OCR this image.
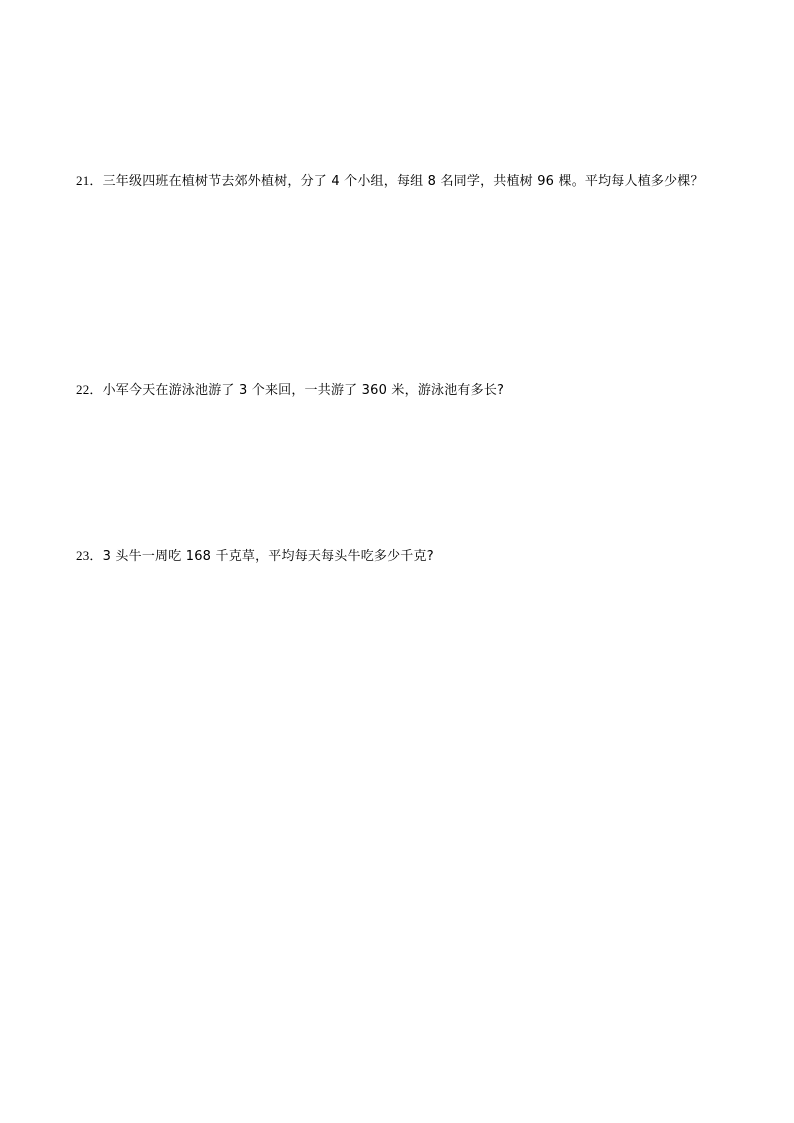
21．三年级四班在植树节去郊外植树，分了 4 个小组，每组 8 名同学，共植树 96 棵。平均每人植多少棵？
22．小军今天在游泳池游了 3 个来回，一共游了 360 米，游泳池有多长?
23．3 头牛一周吃 168 千克草，平均每天每头牛吃多少千克?
